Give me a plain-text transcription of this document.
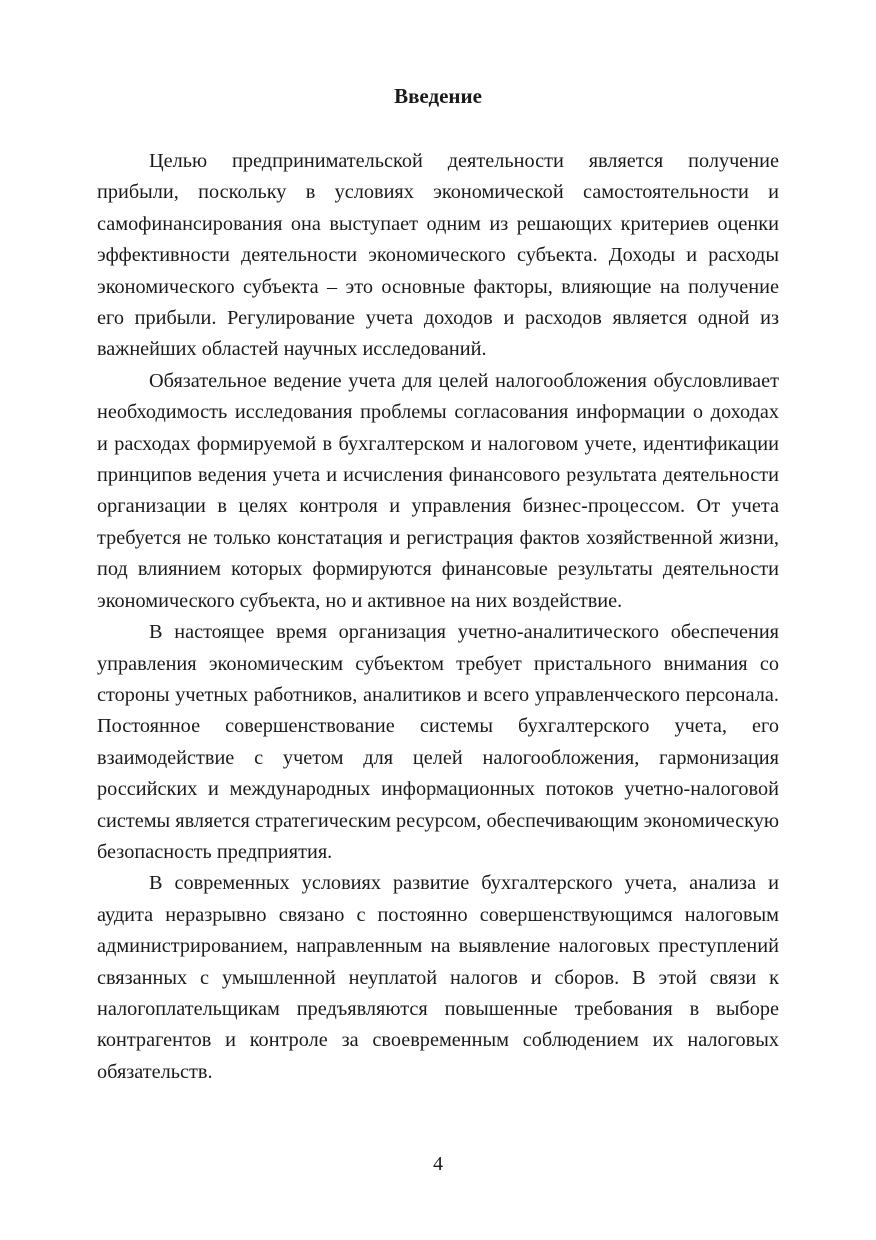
Введение

Целью предпринимательской деятельности является получение прибыли, поскольку в условиях экономической самостоятельности и самофинансирования она выступает одним из решающих критериев оценки эффективности деятельности экономического субъекта. Доходы и расходы экономического субъекта – это основные факторы, влияющие на получение его прибыли. Регулирование учета доходов и расходов является одной из важнейших областей научных исследований.

Обязательное ведение учета для целей налогообложения обусловливает необходимость исследования проблемы согласования информации о доходах и расходах формируемой в бухгалтерском и налоговом учете, идентификации принципов ведения учета и исчисления финансового результата деятельности организации в целях контроля и управления бизнес-процессом. От учета требуется не только констатация и регистрация фактов хозяйственной жизни, под влиянием которых формируются финансовые результаты деятельности экономического субъекта, но и активное на них воздействие.

В настоящее время организация учетно-аналитического обеспечения управления экономическим субъектом требует пристального внимания со стороны учетных работников, аналитиков и всего управленческого персонала. Постоянное совершенствование системы бухгалтерского учета, его взаимодействие с учетом для целей налогообложения, гармонизация российских и международных информационных потоков учетно-налоговой системы является стратегическим ресурсом, обеспечивающим экономическую безопасность предприятия.

В современных условиях развитие бухгалтерского учета, анализа и аудита неразрывно связано с постоянно совершенствующимся налоговым администрированием, направленным на выявление налоговых преступлений связанных с умышленной неуплатой налогов и сборов. В этой связи к налогоплательщикам предъявляются повышенные требования в выборе контрагентов и контроле за своевременным соблюдением их налоговых обязательств.

4
